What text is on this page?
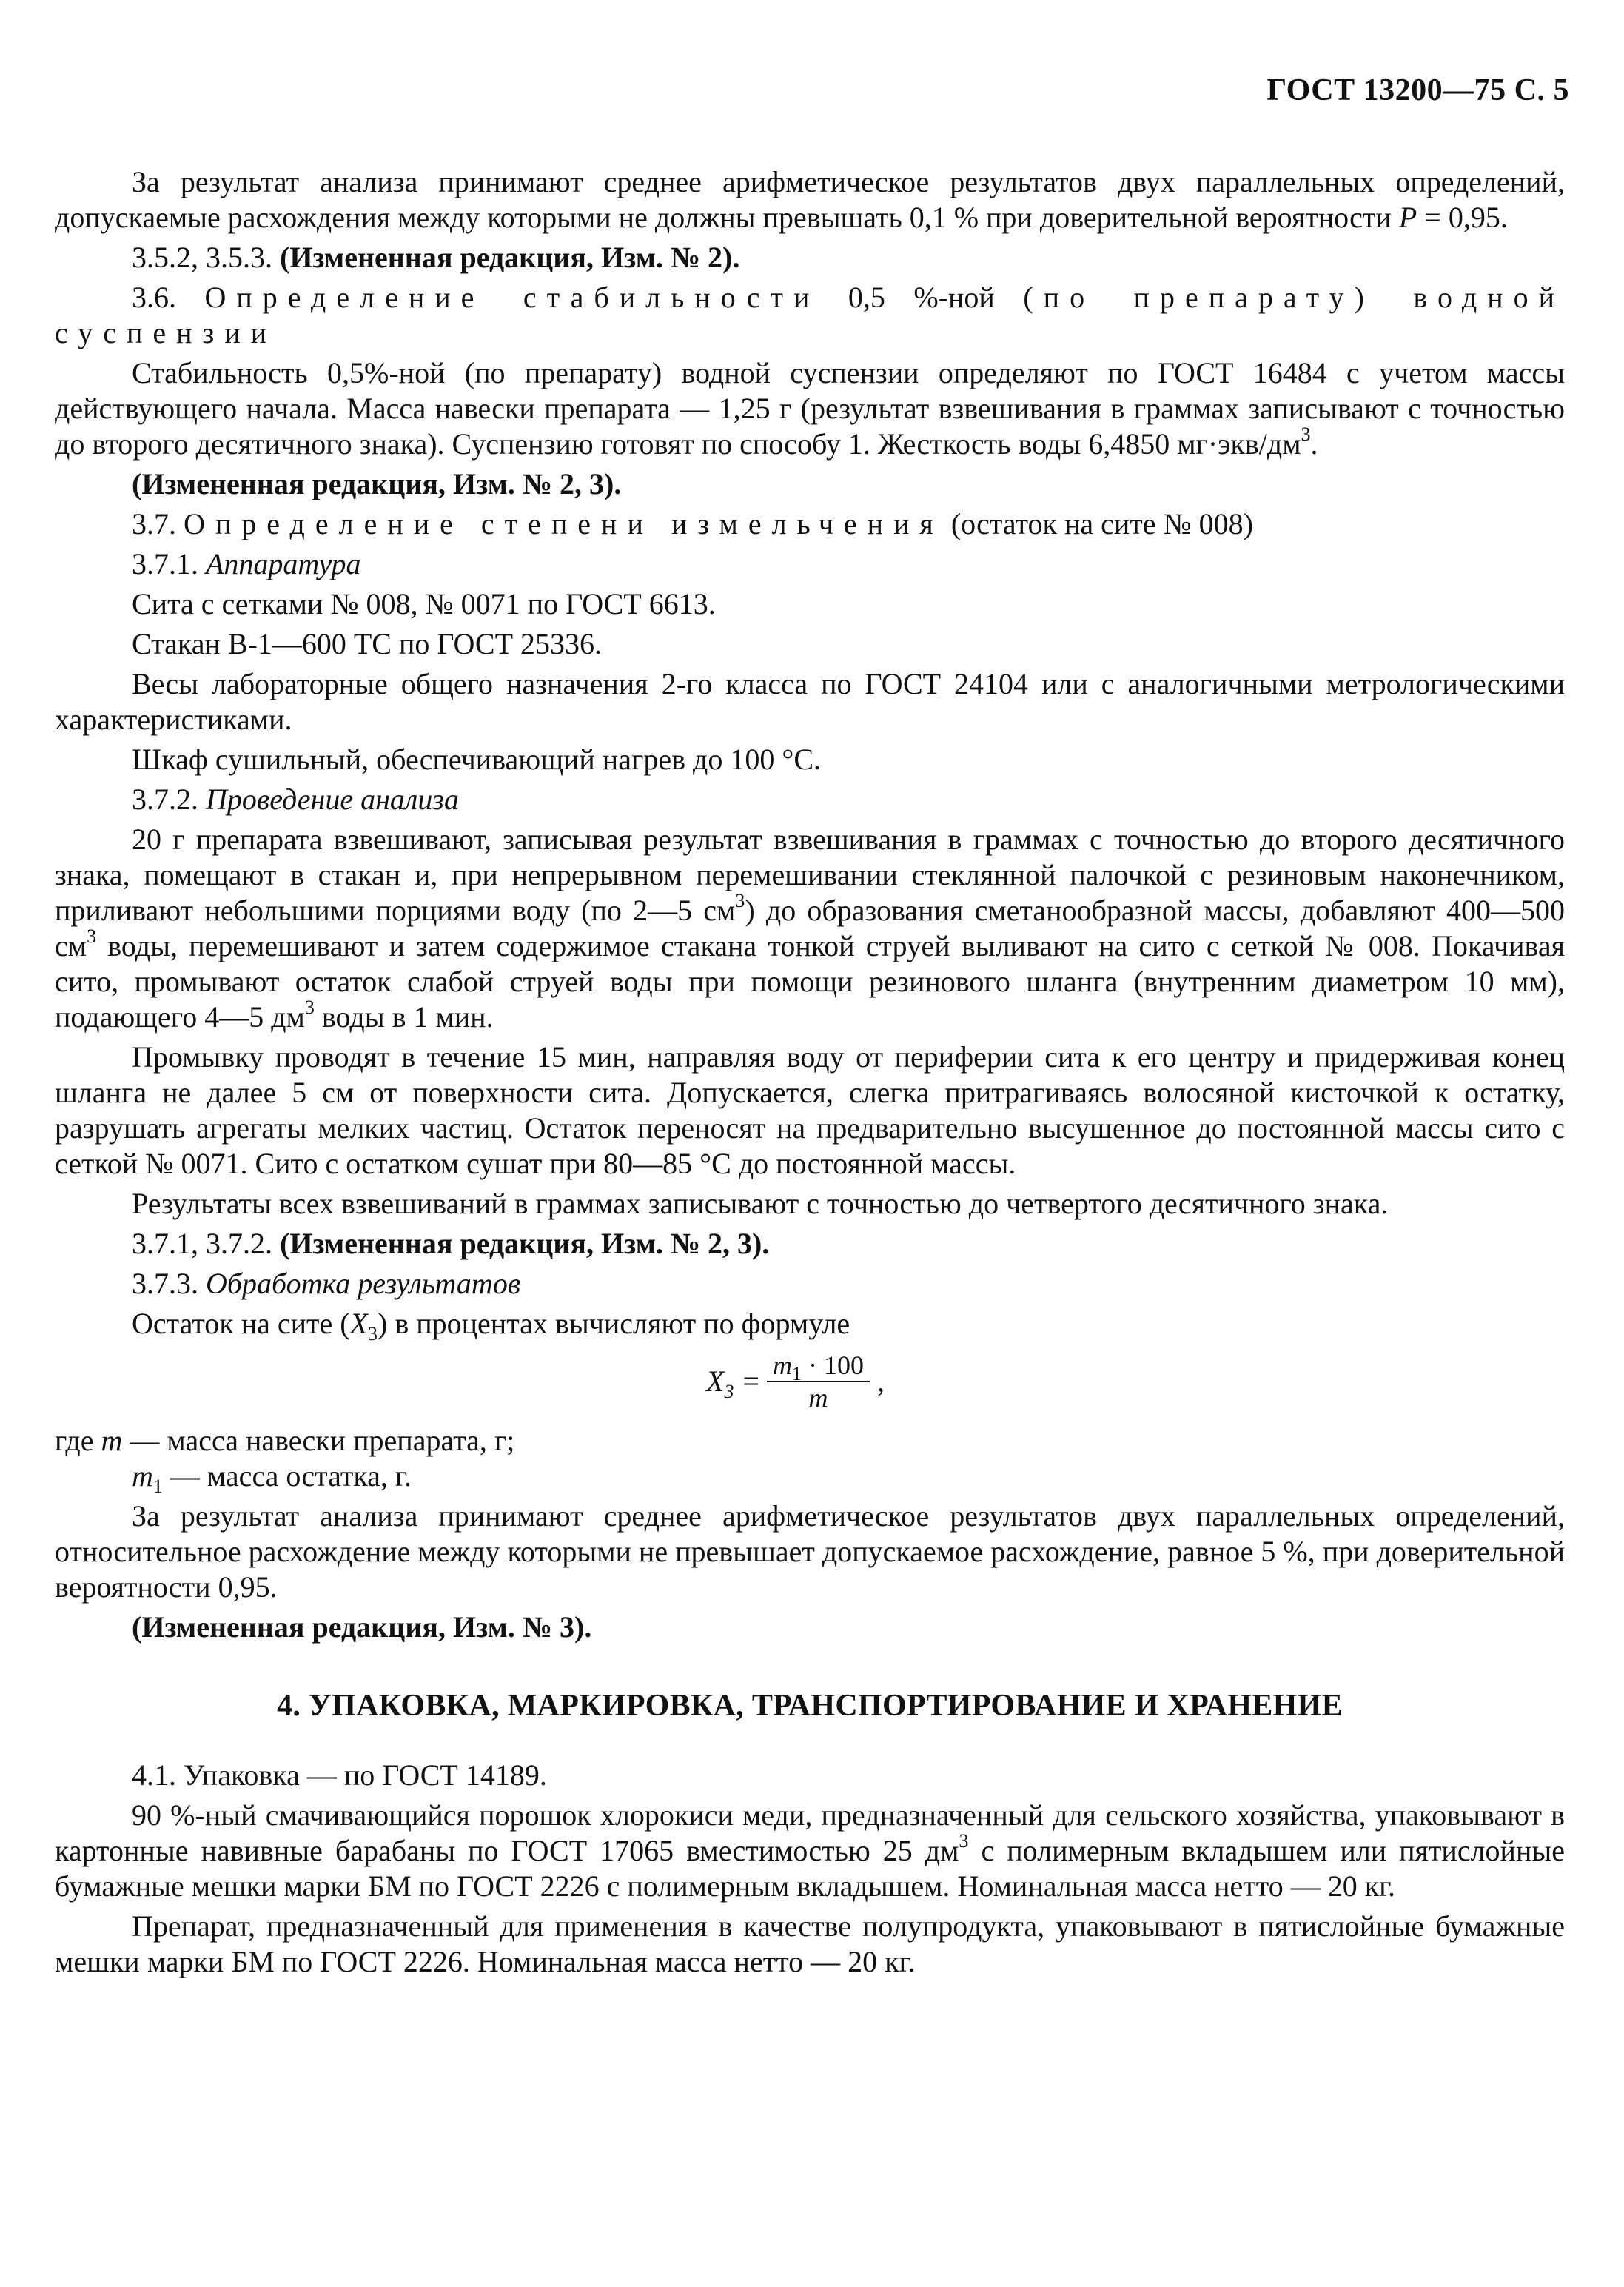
ГОСТ 13200—75 С. 5

За результат анализа принимают среднее арифметическое результатов двух параллельных определений, допускаемые расхождения между которыми не должны превышать 0,1 % при доверительной вероятности P = 0,95.

3.5.2, 3.5.3. (Измененная редакция, Изм. № 2).

3.6. Определение стабильности 0,5 %-ной (по препарату) водной суспензии

Стабильность 0,5%-ной (по препарату) водной суспензии определяют по ГОСТ 16484 с учетом массы действующего начала. Масса навески препарата — 1,25 г (результат взвешивания в граммах записывают с точностью до второго десятичного знака). Суспензию готовят по способу 1. Жесткость воды 6,4850 $мг\cdot экв/дм^3$.

(Измененная редакция, Изм. № 2, 3).

3.7. Определение степени измельчения (остаток на сите № 008)

3.7.1. Аппаратура

Сита с сетками № 008, № 0071 по ГОСТ 6613.

Стакан В-1—600 ТС по ГОСТ 25336.

Весы лабораторные общего назначения 2-го класса по ГОСТ 24104 или с аналогичными метрологическими характеристиками.

Шкаф сушильный, обеспечивающий нагрев до 100 °С.

3.7.2. Проведение анализа

20 г препарата взвешивают, записывая результат взвешивания в граммах с точностью до второго десятичного знака, помещают в стакан и, при непрерывном перемешивании стеклянной палочкой с резиновым наконечником, приливают небольшими порциями воду (по 2—5 $см^3$) до образования сметанообразной массы, добавляют 400—500 $см^3$ воды, перемешивают и затем содержимое стакана тонкой струей выливают на сито с сеткой № 008. Покачивая сито, промывают остаток слабой струей воды при помощи резинового шланга (внутренним диаметром 10 мм), подающего 4—5 $дм^3$ воды в 1 мин.

Промывку проводят в течение 15 мин, направляя воду от периферии сита к его центру и придерживая конец шланга не далее 5 см от поверхности сита. Допускается, слегка притрагиваясь волосяной кисточкой к остатку, разрушать агрегаты мелких частиц. Остаток переносят на предварительно высушенное до постоянной массы сито с сеткой № 0071. Сито с остатком сушат при 80—85 °С до постоянной массы.

Результаты всех взвешиваний в граммах записывают с точностью до четвертого десятичного знака.

3.7.1, 3.7.2. (Измененная редакция, Изм. № 2, 3).

3.7.3. Обработка результатов

Остаток на сите $(X_3)$ в процентах вычисляют по формуле

$X_3 = \frac{m_1 \cdot 100}{m}$ ,

где m — масса навески препарата, г;

$m_1$ — масса остатка, г.

За результат анализа принимают среднее арифметическое результатов двух параллельных определений, относительное расхождение между которыми не превышает допускаемое расхождение, равное 5 %, при доверительной вероятности 0,95.

(Измененная редакция, Изм. № 3).

4. УПАКОВКА, МАРКИРОВКА, ТРАНСПОРТИРОВАНИЕ И ХРАНЕНИЕ

4.1. Упаковка — по ГОСТ 14189.

90 %-ный смачивающийся порошок хлорокиси меди, предназначенный для сельского хозяйства, упаковывают в картонные навивные барабаны по ГОСТ 17065 вместимостью 25 $дм^3$ с полимерным вкладышем или пятислойные бумажные мешки марки БМ по ГОСТ 2226 с полимерным вкладышем. Номинальная масса нетто — 20 кг.

Препарат, предназначенный для применения в качестве полупродукта, упаковывают в пятислойные бумажные мешки марки БМ по ГОСТ 2226. Номинальная масса нетто — 20 кг.
